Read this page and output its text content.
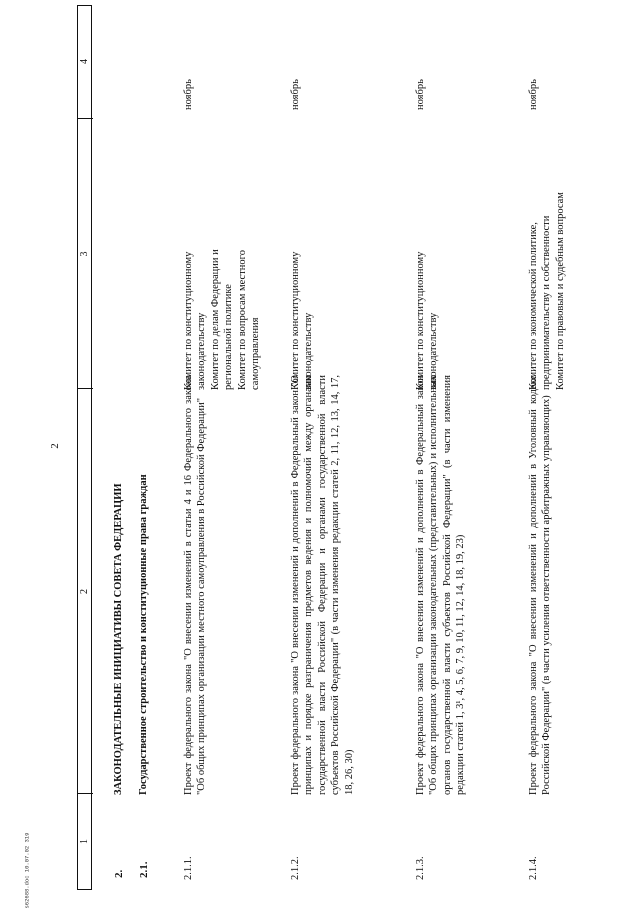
2
s62688.doc 10.07.02 319	1
2
3
4
2.
ЗАКОНОДАТЕЛЬНЫЕ ИНИЦИАТИВЫ СОВЕТА ФЕДЕРАЦИИ
2.1.
Государственное строительство и конституционные права граждан
2.1.1.
Проект федерального закона "О внесении изменений в статьи 4 и 16 Федерального закона "Об общих принципах организации местного самоуправления в Российской Федерации"
Комитет по конституционному законодательству Комитет по делам Федерации и региональной политике Комитет по вопросам местного самоуправления
ноябрь
2.1.2.
Проект федерального закона "О внесении изменений и дополнений в Федеральный закон "О принципах и порядке разграничения предметов ведения и полномочий между органами государственной власти Российской Федерации и органами государственной власти субъектов Российской Федерации" (в части изменения редакции статей 2, 11, 12, 13, 14, 17, 18, 26, 30)
Комитет по конституционному законодательству
ноябрь
2.1.3.
Проект федерального закона "О внесении изменений и дополнений в Федеральный закон "Об общих принципах организации законодательных (представительных) и исполнительных органов государственной власти субъектов Российской Федерации" (в части изменения редакции статей 1, 3¹, 4, 5, 6, 7, 9, 10, 11, 12, 14, 18, 19, 23)
Комитет по конституционному законодательству
ноябрь
2.1.4.
Проект федерального закона "О внесении изменений и дополнений в Уголовный кодекс Российской Федерации" (в части усиления ответственности арбитражных управляющих)
Комитет по экономической политике, предпринимательству и собственности Комитет по правовым и судебным вопросам
ноябрь
